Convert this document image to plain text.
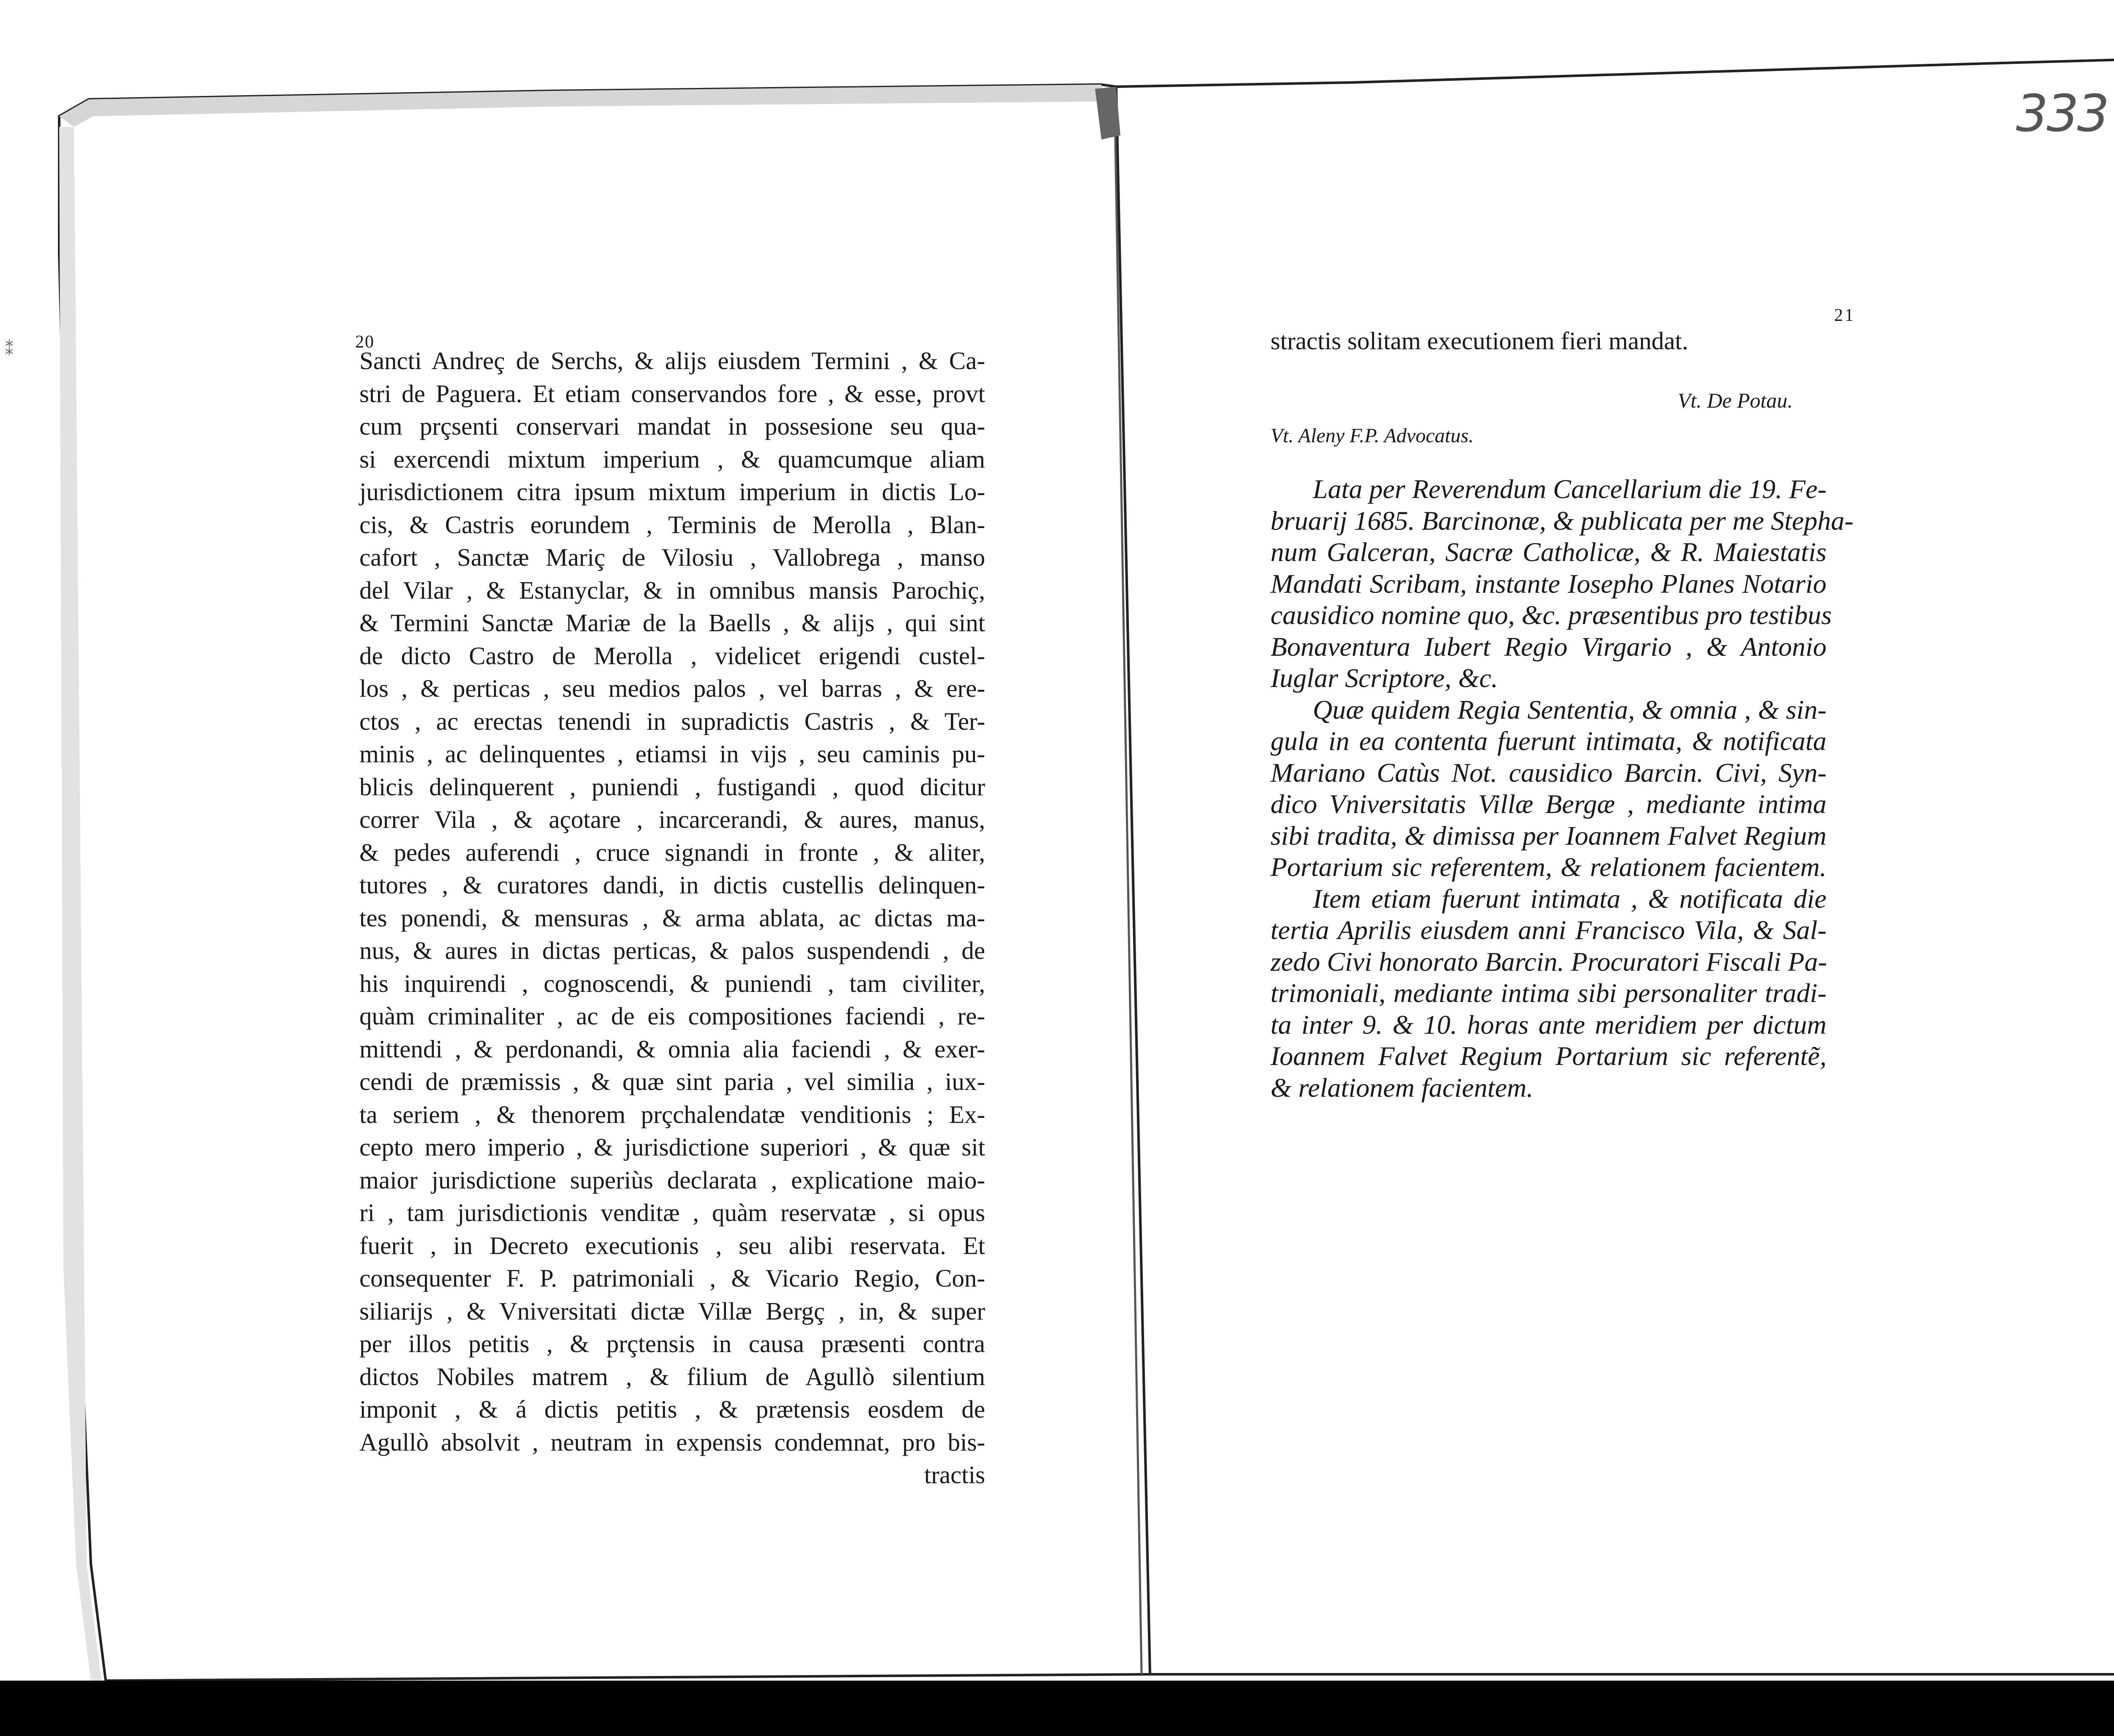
⁑
333
20
Sancti Andreç de Serchs, & alijs eiusdem Termini , & Ca-
stri de Paguera. Et etiam conservandos fore , & esse, provt
cum prçsenti conservari mandat in possesione seu qua-
si exercendi mixtum imperium , & quamcumque aliam
jurisdictionem citra ipsum mixtum imperium in dictis Lo-
cis, & Castris eorundem , Terminis de Merolla , Blan-
cafort , Sanctæ Mariç de Vilosiu , Vallobrega , manso
del Vilar , & Estanyclar, & in omnibus mansis Parochiç,
& Termini Sanctæ Mariæ de la Baells , & alijs , qui sint
de dicto Castro de Merolla , videlicet erigendi custel-
los , & perticas , seu medios palos , vel barras , & ere-
ctos , ac erectas tenendi in supradictis Castris , & Ter-
minis , ac delinquentes , etiamsi in vijs , seu caminis pu-
blicis delinquerent , puniendi , fustigandi , quod dicitur
correr Vila , & açotare , incarcerandi, & aures, manus,
& pedes auferendi , cruce signandi in fronte , & aliter,
tutores , & curatores dandi, in dictis custellis delinquen-
tes ponendi, & mensuras , & arma ablata, ac dictas ma-
nus, & aures in dictas perticas, & palos suspendendi , de
his inquirendi , cognoscendi, & puniendi , tam civiliter,
quàm criminaliter , ac de eis compositiones faciendi , re-
mittendi , & perdonandi, & omnia alia faciendi , & exer-
cendi de præmissis , & quæ sint paria , vel similia , iux-
ta seriem , & thenorem prçchalendatæ venditionis ; Ex-
cepto mero imperio , & jurisdictione superiori , & quæ sit
maior jurisdictione superiùs declarata , explicatione maio-
ri , tam jurisdictionis venditæ , quàm reservatæ , si opus
fuerit , in Decreto executionis , seu alibi reservata. Et
consequenter F. P. patrimoniali , & Vicario Regio, Con-
siliarijs , & Vniversitati dictæ Villæ Bergç , in, & super
per illos petitis , & prçtensis in causa præsenti contra
dictos Nobiles matrem , & filium de Agullò silentium
imponit , & á dictis petitis , & prætensis eosdem de
Agullò absolvit , neutram in expensis condemnat, pro bis-
tractis
21
stractis solitam executionem fieri mandat.
Vt. De Potau.
Vt. Aleny F.P. Advocatus.
Lata per Reverendum Cancellarium die 19. Fe-
bruarij 1685. Barcinonæ, & publicata per me Stepha-
num Galceran, Sacræ Catholicæ, & R. Maiestatis
Mandati Scribam, instante Iosepho Planes Notario
causidico nomine quo, &c. præsentibus pro testibus
Bonaventura Iubert Regio Virgario , & Antonio
Iuglar Scriptore, &c.
Quæ quidem Regia Sententia, & omnia , & sin-
gula in ea contenta fuerunt intimata, & notificata
Mariano Catùs Not. causidico Barcin. Civi, Syn-
dico Vniversitatis Villæ Bergæ , mediante intima
sibi tradita, & dimissa per Ioannem Falvet Regium
Portarium sic referentem, & relationem facientem.
Item etiam fuerunt intimata , & notificata die
tertia Aprilis eiusdem anni Francisco Vila, & Sal-
zedo Civi honorato Barcin. Procuratori Fiscali Pa-
trimoniali, mediante intima sibi personaliter tradi-
ta inter 9. & 10. horas ante meridiem per dictum
Ioannem Falvet Regium Portarium sic referentẽ,
& relationem facientem.
